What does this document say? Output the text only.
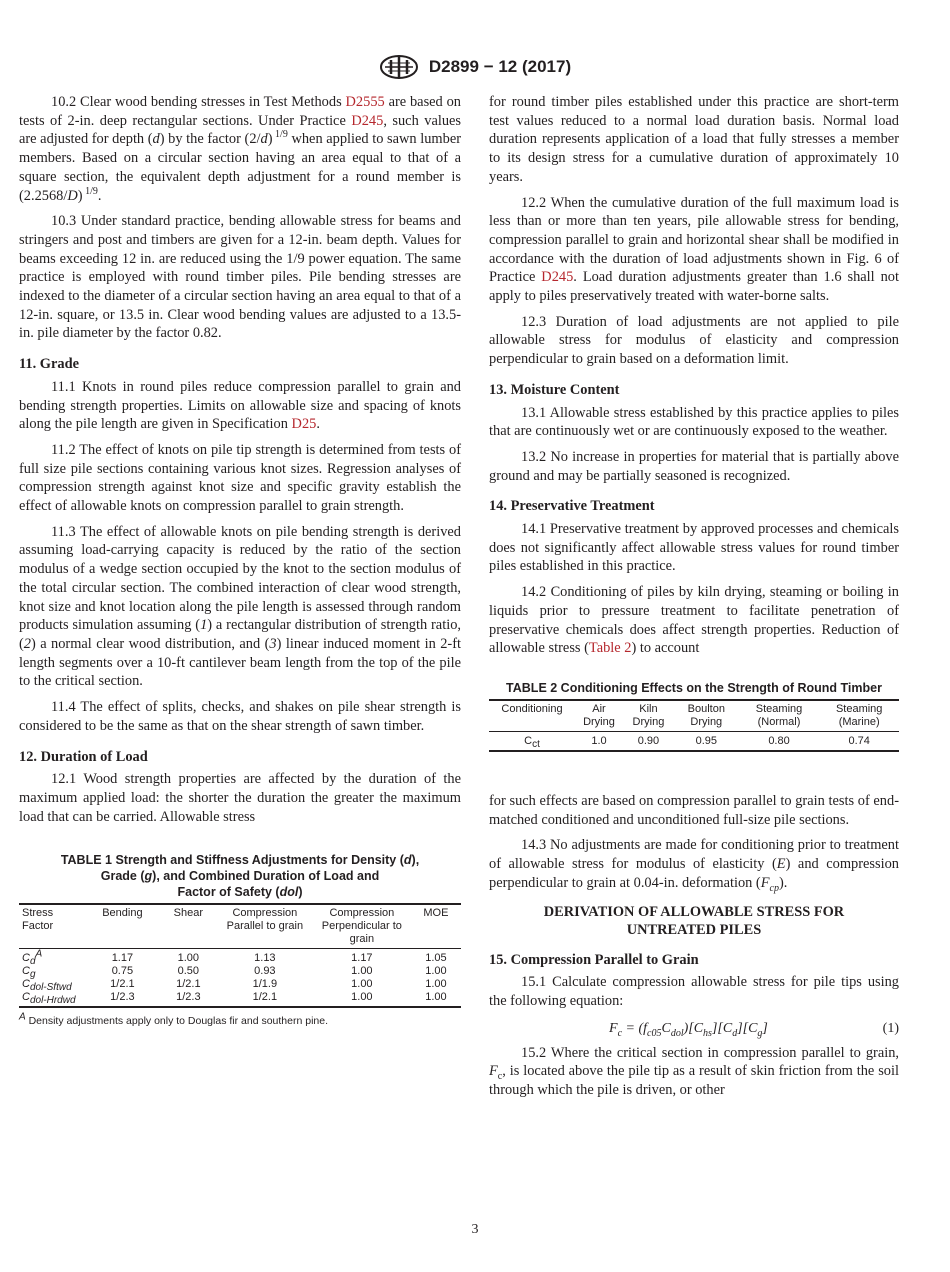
D2899 − 12 (2017)

10.2 Clear wood bending stresses in Test Methods D2555 are based on tests of 2-in. deep rectangular sections. Under Practice D245, such values are adjusted for depth (d) by the factor (2/d) $^{1/9}$ when applied to sawn lumber members. Based on a circular section having an area equal to that of a square section, the equivalent depth adjustment for a round member is (2.2568/D) $^{1/9}$.

10.3 Under standard practice, bending allowable stress for beams and stringers and post and timbers are given for a 12-in. beam depth. Values for beams exceeding 12 in. are reduced using the 1/9 power equation. The same practice is employed with round timber piles. Pile bending stresses are indexed to the diameter of a circular section having an area equal to that of a 12-in. square, or 13.5 in. Clear wood bending values are adjusted to a 13.5-in. pile diameter by the factor 0.82.

11. Grade

11.1 Knots in round piles reduce compression parallel to grain and bending strength properties. Limits on allowable size and spacing of knots along the pile length are given in Specification D25.

11.2 The effect of knots on pile tip strength is determined from tests of full size pile sections containing various knot sizes. Regression analyses of compression strength against knot size and specific gravity establish the effect of allowable knots on compression parallel to grain strength.

11.3 The effect of allowable knots on pile bending strength is derived assuming load-carrying capacity is reduced by the ratio of the section modulus of a wedge section occupied by the knot to the section modulus of the total circular section. The combined interaction of clear wood strength, knot size and knot location along the pile length is assessed through random products simulation assuming (1) a rectangular distribution of strength ratio, (2) a normal clear wood distribution, and (3) linear induced moment in 2-ft length segments over a 10-ft cantilever beam length from the top of the pile to the critical section.

11.4 The effect of splits, checks, and shakes on pile shear strength is considered to be the same as that on the shear strength of sawn timber.

12. Duration of Load

12.1 Wood strength properties are affected by the duration of the maximum applied load: the shorter the duration the greater the maximum load that can be carried. Allowable stress

TABLE 1 Strength and Stiffness Adjustments for Density (d),
Grade (g), and Combined Duration of Load and
Factor of Safety (dol)
Stress Factor	Bending	Shear	Compression Parallel to grain	Compression Perpendicular to grain	MOE
$C_d^A$	1.17	1.00	1.13	1.17	1.05
$C_g$	0.75	0.50	0.93	1.00	1.00
$C_{dol-Sftwd}$	1/2.1	1/2.1	1/1.9	1.00	1.00
$C_{dol-Hrdwd}$	1/2.3	1/2.3	1/2.1	1.00	1.00
$^A$ Density adjustments apply only to Douglas fir and southern pine.

for round timber piles established under this practice are short-term test values reduced to a normal load duration basis. Normal load duration represents application of a load that fully stresses a member to its design stress for a cumulative duration of approximately 10 years.

12.2 When the cumulative duration of the full maximum load is less than or more than ten years, pile allowable stress for bending, compression parallel to grain and horizontal shear shall be modified in accordance with the duration of load adjustments shown in Fig. 6 of Practice D245. Load duration adjustments greater than 1.6 shall not apply to piles preservatively treated with water-borne salts.

12.3 Duration of load adjustments are not applied to pile allowable stress for modulus of elasticity and compression perpendicular to grain based on a deformation limit.

13. Moisture Content

13.1 Allowable stress established by this practice applies to piles that are continuously wet or are continuously exposed to the weather.

13.2 No increase in properties for material that is partially above ground and may be partially seasoned is recognized.

14. Preservative Treatment

14.1 Preservative treatment by approved processes and chemicals does not significantly affect allowable stress values for round timber piles established in this practice.

14.2 Conditioning of piles by kiln drying, steaming or boiling in liquids prior to pressure treatment to facilitate penetration of preservative chemicals does affect strength properties. Reduction of allowable stress (Table 2) to account

TABLE 2 Conditioning Effects on the Strength of Round Timber
Conditioning	Air Drying	Kiln Drying	Boulton Drying	Steaming (Normal)	Steaming (Marine)
$C_{ct}$	1.0	0.90	0.95	0.80	0.74

for such effects are based on compression parallel to grain tests of end-matched conditioned and unconditioned full-size pile sections.

14.3 No adjustments are made for conditioning prior to treatment of allowable stress for modulus of elasticity (E) and compression perpendicular to grain at 0.04-in. deformation $(F_{cp})$.

DERIVATION OF ALLOWABLE STRESS FOR UNTREATED PILES
15. Compression Parallel to Grain

15.1 Calculate compression allowable stress for pile tips using the following equation:

$F_c = (f_{c05}C_{dol})[C_{hs}][C_d][C_g]$	(1)

15.2 Where the critical section in compression parallel to grain, $F_c$, is located above the pile tip as a result of skin friction from the soil through which the pile is driven, or other

3
